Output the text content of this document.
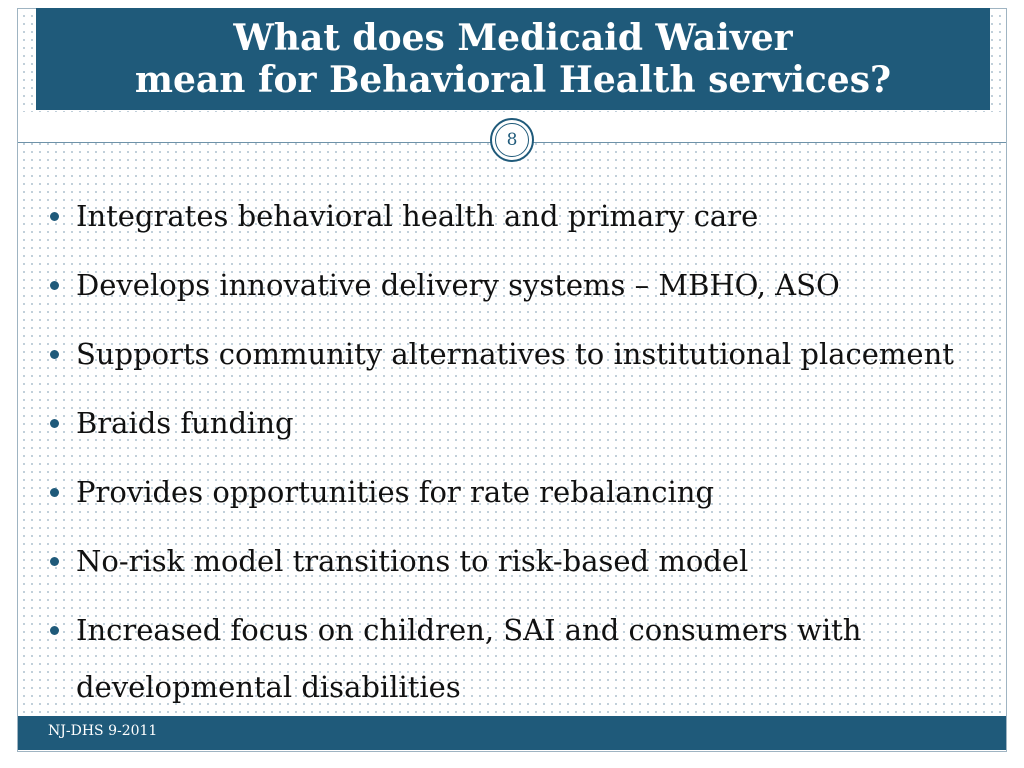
What does Medicaid Waiver
mean for Behavioral Health services?
8
Integrates behavioral health and primary care
Develops innovative delivery systems – MBHO, ASO
Supports community alternatives to institutional placement
Braids funding
Provides opportunities for rate rebalancing
No-risk model transitions to risk-based model
Increased focus on children, SAI and consumers with developmental disabilities
NJ-DHS 9-2011
